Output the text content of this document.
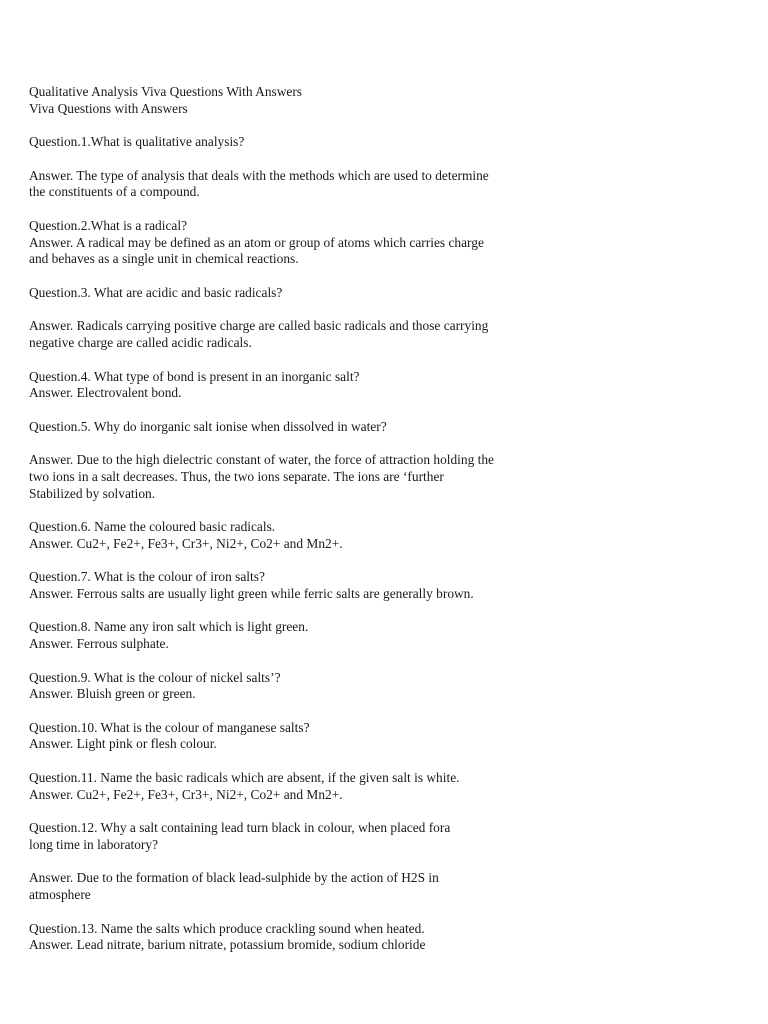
Qualitative Analysis Viva Questions With Answers
Viva Questions with Answers
Question.1.What is qualitative analysis?
Answer. The type of analysis that deals with the methods which are used to determine
the constituents of a compound.
Question.2.What is a radical?
Answer. A radical may be defined as an atom or group of atoms which carries charge
and behaves as a single unit in chemical reactions.
Question.3. What are acidic and basic radicals?
Answer. Radicals carrying positive charge are called basic radicals and those carrying
negative charge are called acidic radicals.
Question.4. What type of bond is present in an inorganic salt?
Answer. Electrovalent bond.
Question.5. Why do inorganic salt ionise when dissolved in water?
Answer. Due to the high dielectric constant of water, the force of attraction holding the
two ions in a salt decreases. Thus, the two ions separate. The ions are ‘further
Stabilized by solvation.
Question.6. Name the coloured basic radicals.
Answer. Cu2+, Fe2+, Fe3+, Cr3+, Ni2+, Co2+ and Mn2+.
Question.7. What is the colour of iron salts?
Answer. Ferrous salts are usually light green while ferric salts are generally brown.
Question.8. Name any iron salt which is light green.
Answer. Ferrous sulphate.
Question.9. What is the colour of nickel salts’?
Answer. Bluish green or green.
Question.10. What is the colour of manganese salts?
Answer. Light pink or flesh colour.
Question.11. Name the basic radicals which are absent, if the given salt is white.
Answer. Cu2+, Fe2+, Fe3+, Cr3+, Ni2+, Co2+ and Mn2+.
Question.12. Why a salt containing lead turn black in colour, when placed fora
long time in laboratory?
Answer. Due to the formation of black lead-sulphide by the action of H2S in
atmosphere
Question.13. Name the salts which produce crackling sound when heated.
Answer. Lead nitrate, barium nitrate, potassium bromide, sodium chloride
